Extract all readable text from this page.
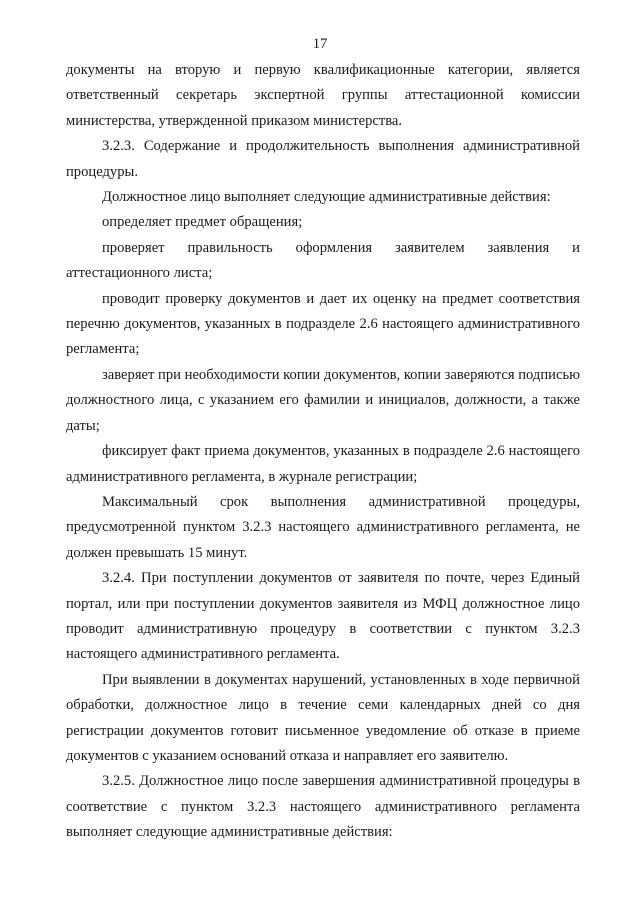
17

документы на вторую и первую квалификационные категории, является ответственный секретарь экспертной группы аттестационной комиссии министерства, утвержденной приказом министерства.

3.2.3. Содержание и продолжительность выполнения административной процедуры.

Должностное лицо выполняет следующие административные действия:

определяет предмет обращения;

проверяет правильность оформления заявителем заявления и аттестационного листа;

проводит проверку документов и дает их оценку на предмет соответствия перечню документов, указанных в подразделе 2.6 настоящего административного регламента;

заверяет при необходимости копии документов, копии заверяются подписью должностного лица, с указанием его фамилии и инициалов, должности, а также даты;

фиксирует факт приема документов, указанных в подразделе 2.6 настоящего административного регламента, в журнале регистрации;

Максимальный срок выполнения административной процедуры, предусмотренной пунктом 3.2.3 настоящего административного регламента, не должен превышать 15 минут.

3.2.4. При поступлении документов от заявителя по почте, через Единый портал, или при поступлении документов заявителя из МФЦ должностное лицо проводит административную процедуру в соответствии с пунктом 3.2.3 настоящего административного регламента.

При выявлении в документах нарушений, установленных в ходе первичной обработки, должностное лицо в течение семи календарных дней со дня регистрации документов готовит письменное уведомление об отказе в приеме документов с указанием оснований отказа и направляет его заявителю.

3.2.5. Должностное лицо после завершения административной процедуры в соответствие с пунктом 3.2.3 настоящего административного регламента выполняет следующие административные действия:
